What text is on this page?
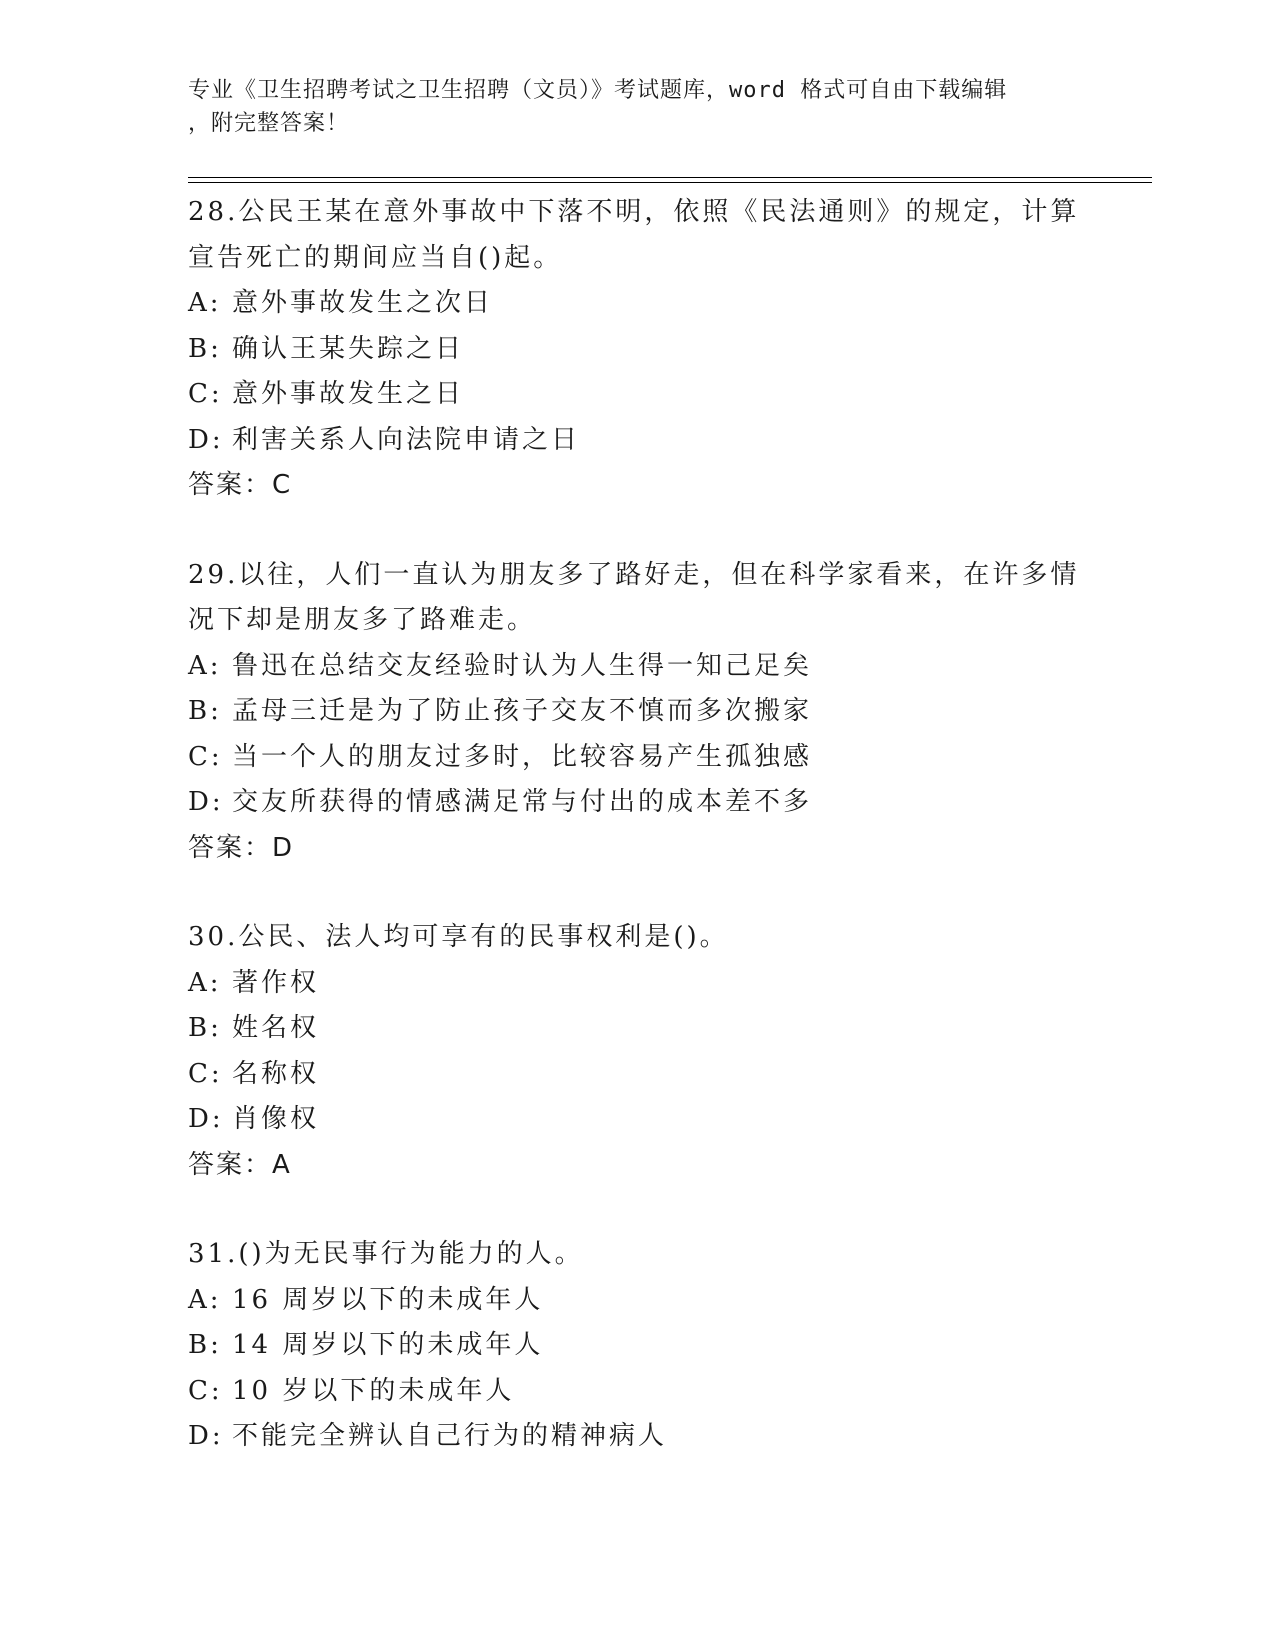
专业《卫生招聘考试之卫生招聘（文员）》考试题库，word 格式可自由下载编辑
，附完整答案！

28.公民王某在意外事故中下落不明，依照《民法通则》的规定，计算宣告死亡的期间应当自()起。

A: 意外事故发生之次日
B: 确认王某失踪之日
C: 意外事故发生之日
D: 利害关系人向法院申请之日
答案：C

29.以往，人们一直认为朋友多了路好走，但在科学家看来，在许多情况下却是朋友多了路难走。

A: 鲁迅在总结交友经验时认为人生得一知己足矣
B: 孟母三迁是为了防止孩子交友不慎而多次搬家
C: 当一个人的朋友过多时，比较容易产生孤独感
D: 交友所获得的情感满足常与付出的成本差不多
答案：D

30.公民、法人均可享有的民事权利是()。

A: 著作权
B: 姓名权
C: 名称权
D: 肖像权
答案：A

31.()为无民事行为能力的人。

A: 16 周岁以下的未成年人
B: 14 周岁以下的未成年人
C: 10 岁以下的未成年人
D: 不能完全辨认自己行为的精神病人
